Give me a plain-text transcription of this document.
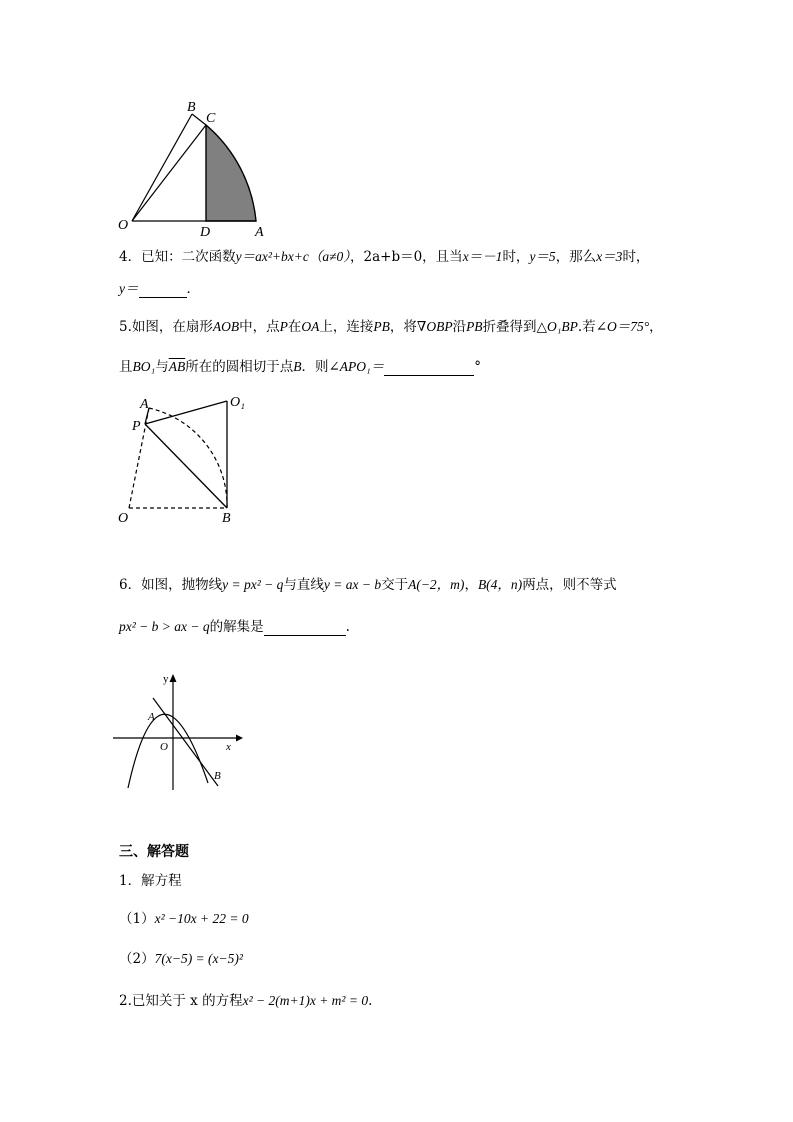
B
C
O	D	A
4．已知：二次函数y＝ax²+bx+c（a≠0），2a+b＝0，且当x＝－1时，y＝5，那么x＝3时，
y＝	．
5.如图，在扇形AOB中，点P在OA上，连接PB，将∇OBP沿PB折叠得到△O₁BP.若∠O＝75°，
且BO₁与$\overline{AB}$所在的圆相切于点B．则∠APO₁＝	°
A	O₁
P
O	B
6．如图，抛物线y = px² − q与直线y = ax − b交于A(−2，m)，B(4，n)两点，则不等式
px² − b > ax − q的解集是	.
y
x
A
O
B
三、解答题
1．解方程
（1）x² −10x + 22 = 0
（2）7(x−5) = (x−5)²
2.已知关于 x 的方程x² − 2(m+1)x + m² = 0.
